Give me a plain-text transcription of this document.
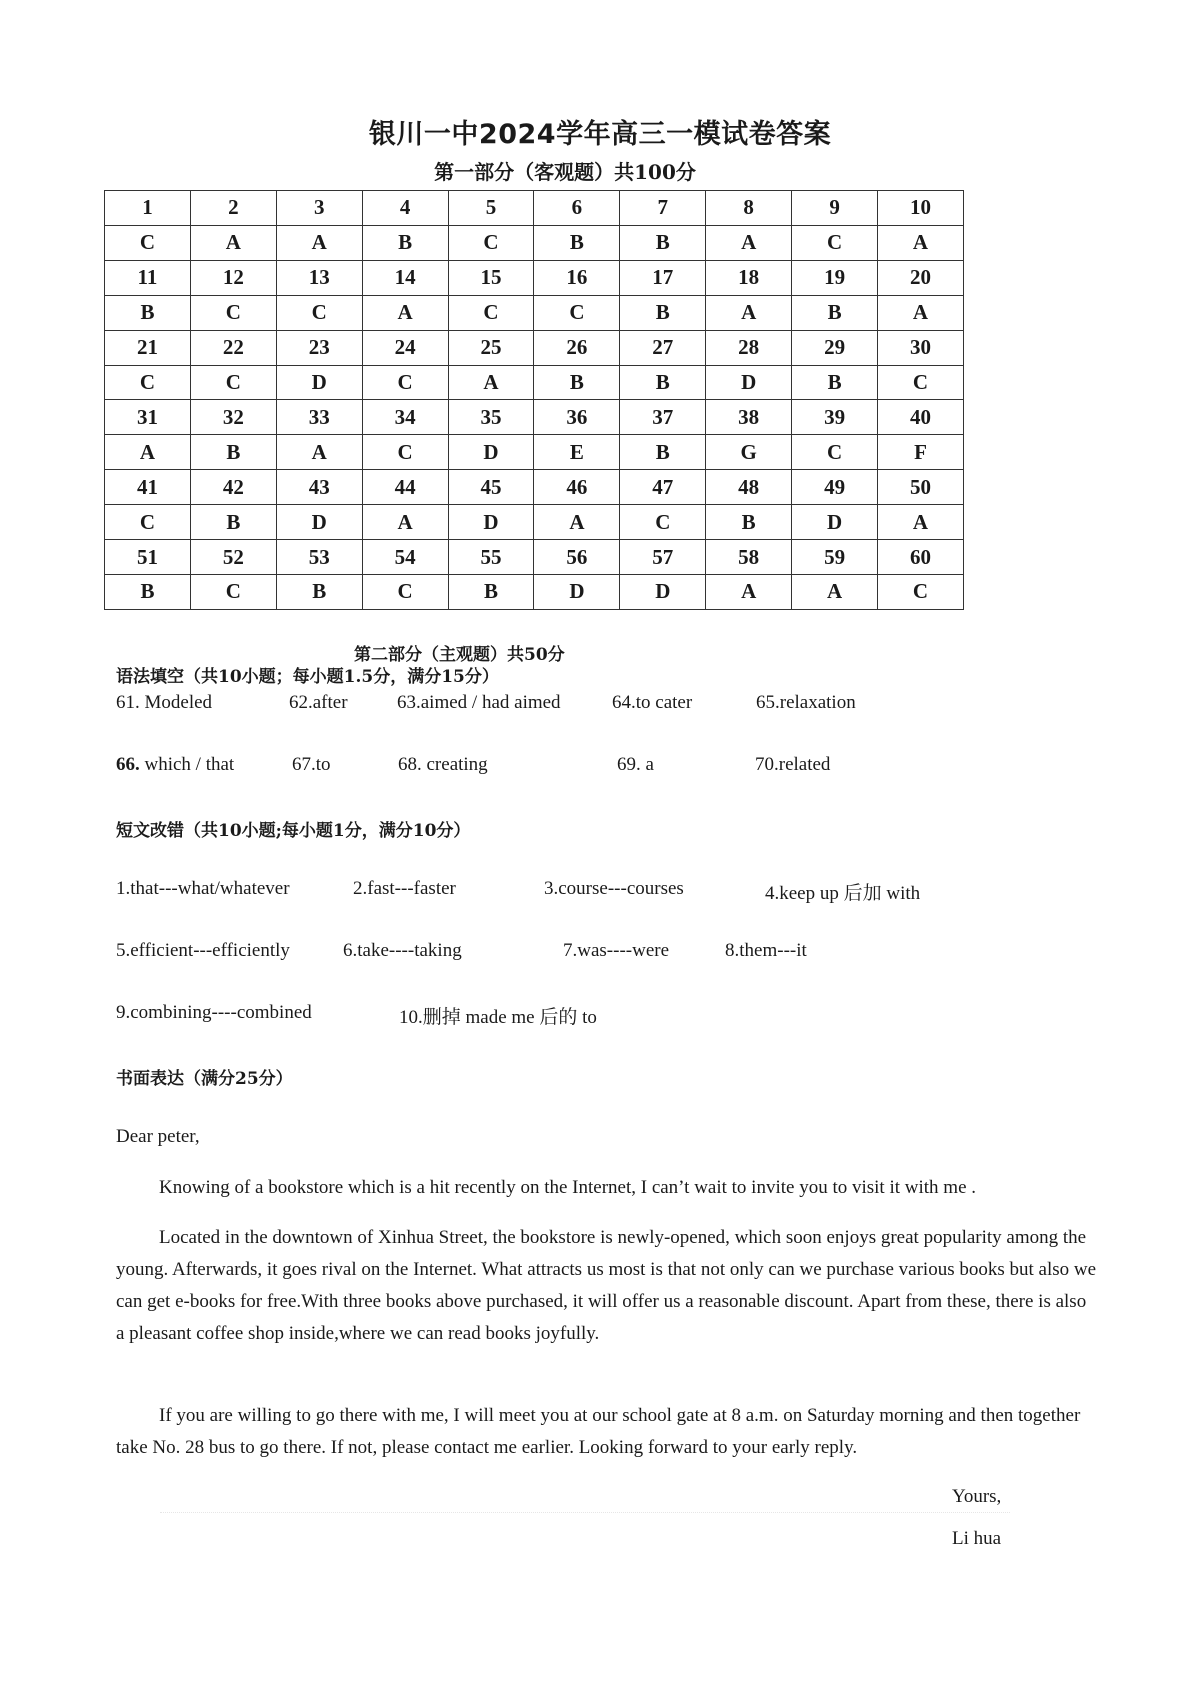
银川一中2024学年高三一模试卷答案
第一部分（客观题）共100分
1	2	3	4	5	6	7	8	9	10
C	A	A	B	C	B	B	A	C	A
11	12	13	14	15	16	17	18	19	20
B	C	C	A	C	C	B	A	B	A
21	22	23	24	25	26	27	28	29	30
C	C	D	C	A	B	B	D	B	C
31	32	33	34	35	36	37	38	39	40
A	B	A	C	D	E	B	G	C	F
41	42	43	44	45	46	47	48	49	50
C	B	D	A	D	A	C	B	D	A
51	52	53	54	55	56	57	58	59	60
B	C	B	C	B	D	D	A	A	C
第二部分（主观题）共50分
语法填空（共10小题；每小题1.5分，满分15分）
61. Modeled	62.after	63.aimed / had aimed	64.to cater	65.relaxation
66. which / that	67.to	68. creating	69. a	70.related
短文改错（共10小题;每小题1分，满分10分）
1.that---what/whatever	2.fast---faster	3.course---courses	4.keep up 后加 with
5.efficient---efficiently	6.take----taking	7.was----were	8.them---it
9.combining----combined	10.删掉 made me 后的 to
书面表达（满分25分）
Dear peter,

Knowing of a bookstore which is a hit recently on the Internet, I can’t wait to invite you to visit it with me .

Located in the downtown of Xinhua Street, the bookstore is newly-opened, which soon enjoys great popularity among the young. Afterwards, it goes rival on the Internet. What attracts us most is that not only can we purchase various books but also we can get e-books for free.With three books above purchased, it will offer us a reasonable discount. Apart from these, there is also a pleasant coffee shop inside,where we can read books joyfully.

If you are willing to go there with me, I will meet you at our school gate at 8 a.m. on Saturday morning and then together take No. 28 bus to go there. If not, please contact me earlier. Looking forward to your early reply.

Yours,
Li hua
